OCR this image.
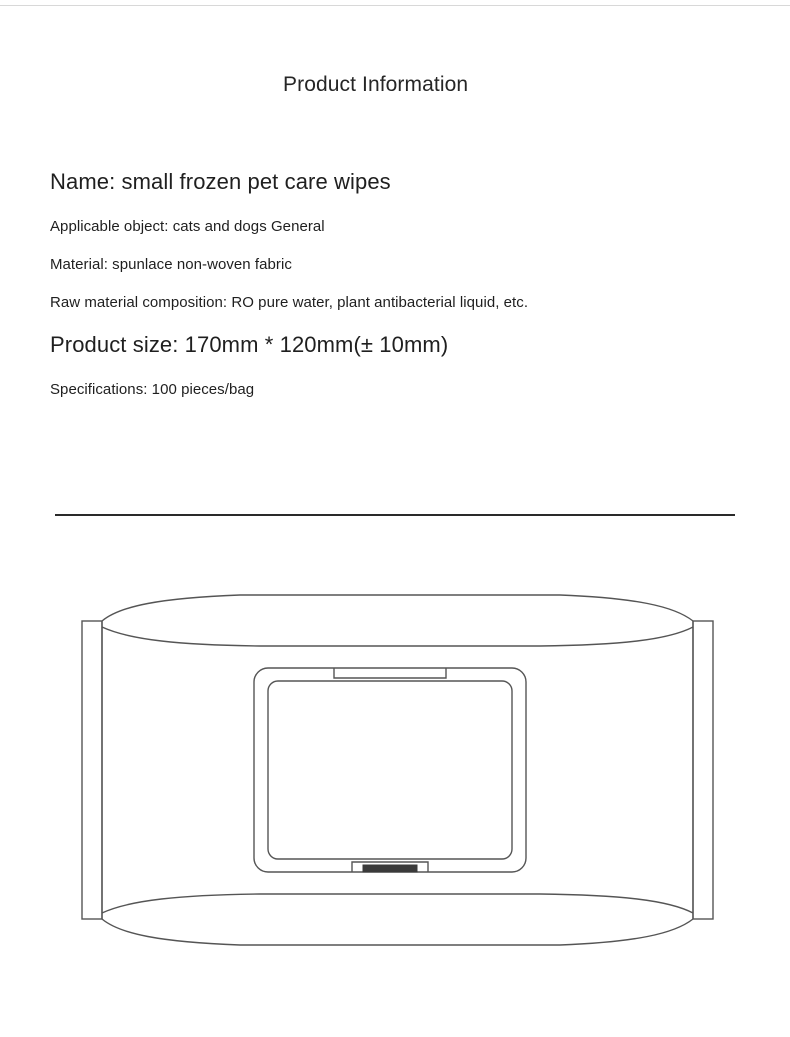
Product Information

Name: small frozen pet care wipes

Applicable object: cats and dogs General

Material: spunlace non-woven fabric

Raw material composition: RO pure water, plant antibacterial liquid, etc.

Product size: 170mm * 120mm(± 10mm)

Specifications: 100 pieces/bag
